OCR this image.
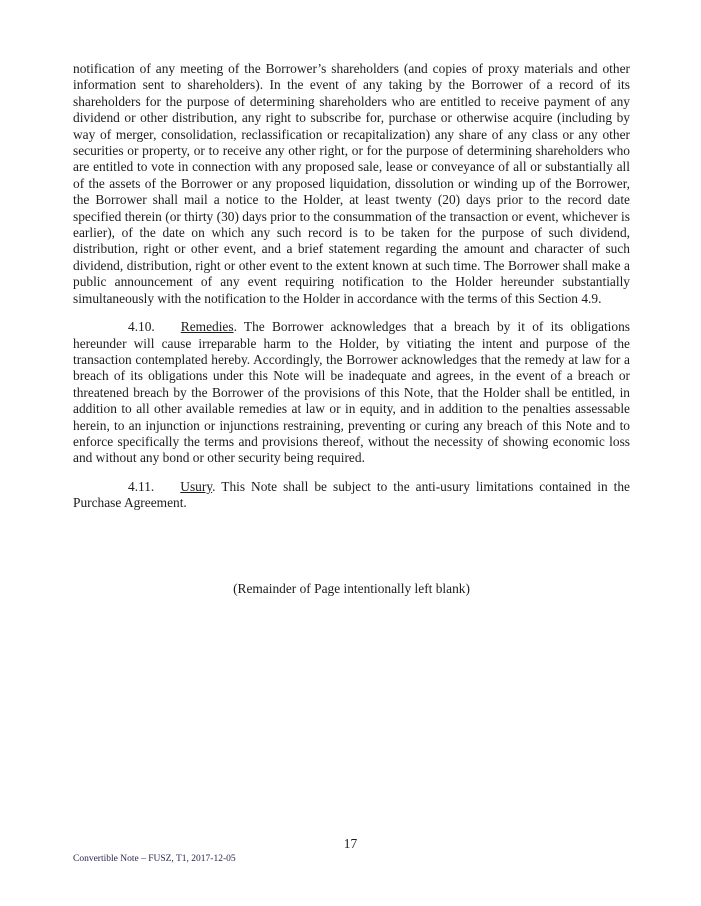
notification of any meeting of the Borrower’s shareholders (and copies of proxy materials and other information sent to shareholders). In the event of any taking by the Borrower of a record of its shareholders for the purpose of determining shareholders who are entitled to receive payment of any dividend or other distribution, any right to subscribe for, purchase or otherwise acquire (including by way of merger, consolidation, reclassification or recapitalization) any share of any class or any other securities or property, or to receive any other right, or for the purpose of determining shareholders who are entitled to vote in connection with any proposed sale, lease or conveyance of all or substantially all of the assets of the Borrower or any proposed liquidation, dissolution or winding up of the Borrower, the Borrower shall mail a notice to the Holder, at least twenty (20) days prior to the record date specified therein (or thirty (30) days prior to the consummation of the transaction or event, whichever is earlier), of the date on which any such record is to be taken for the purpose of such dividend, distribution, right or other event, and a brief statement regarding the amount and character of such dividend, distribution, right or other event to the extent known at such time. The Borrower shall make a public announcement of any event requiring notification to the Holder hereunder substantially simultaneously with the notification to the Holder in accordance with the terms of this Section 4.9.

4.10. Remedies. The Borrower acknowledges that a breach by it of its obligations hereunder will cause irreparable harm to the Holder, by vitiating the intent and purpose of the transaction contemplated hereby. Accordingly, the Borrower acknowledges that the remedy at law for a breach of its obligations under this Note will be inadequate and agrees, in the event of a breach or threatened breach by the Borrower of the provisions of this Note, that the Holder shall be entitled, in addition to all other available remedies at law or in equity, and in addition to the penalties assessable herein, to an injunction or injunctions restraining, preventing or curing any breach of this Note and to enforce specifically the terms and provisions thereof, without the necessity of showing economic loss and without any bond or other security being required.

4.11. Usury. This Note shall be subject to the anti-usury limitations contained in the Purchase Agreement.

(Remainder of Page intentionally left blank)

17
Convertible Note – FUSZ, T1, 2017-12-05
